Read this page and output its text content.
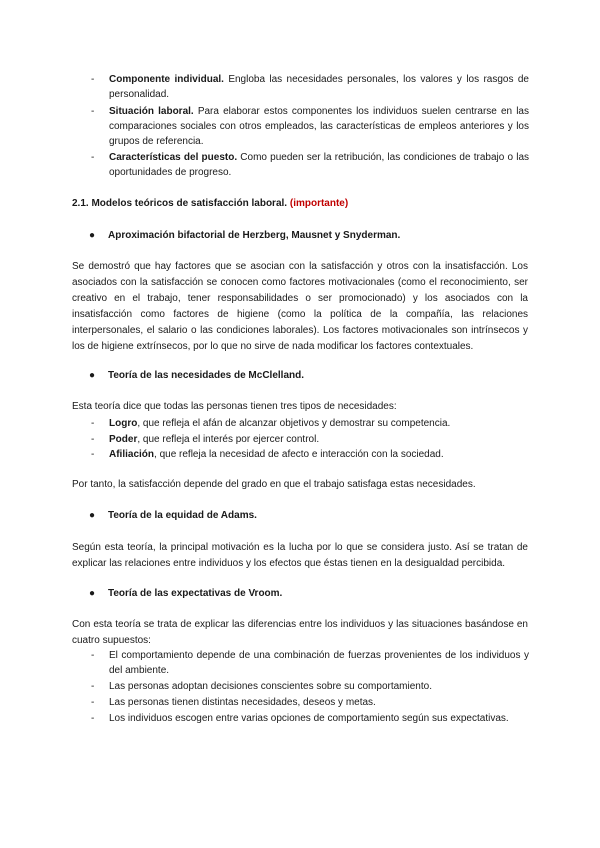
- Componente individual. Engloba las necesidades personales, los valores y los rasgos de personalidad.
- Situación laboral. Para elaborar estos componentes los individuos suelen centrarse en las comparaciones sociales con otros empleados, las características de empleos anteriores y los grupos de referencia.
- Características del puesto. Como pueden ser la retribución, las condiciones de trabajo o las oportunidades de progreso.
2.1. Modelos teóricos de satisfacción laboral. (importante)
● Aproximación bifactorial de Herzberg, Mausnet y Snyderman.
Se demostró que hay factores que se asocian con la satisfacción y otros con la insatisfacción. Los
asociados con la satisfacción se conocen como factores motivacionales (como el reconocimiento, ser
creativo en el trabajo, tener responsabilidades o ser promocionado) y los asociados con la
insatisfacción como factores de higiene (como la política de la compañía, las relaciones
interpersonales, el salario o las condiciones laborales). Los factores motivacionales son intrínsecos y
los de higiene extrínsecos, por lo que no sirve de nada modificar los factores contextuales.
● Teoría de las necesidades de McClelland.
Esta teoría dice que todas las personas tienen tres tipos de necesidades:
- Logro, que refleja el afán de alcanzar objetivos y demostrar su competencia.
- Poder, que refleja el interés por ejercer control.
- Afiliación, que refleja la necesidad de afecto e interacción con la sociedad.
Por tanto, la satisfacción depende del grado en que el trabajo satisfaga estas necesidades.
● Teoría de la equidad de Adams.
Según esta teoría, la principal motivación es la lucha por lo que se considera justo. Así se tratan de
explicar las relaciones entre individuos y los efectos que éstas tienen en la desigualdad percibida.
● Teoría de las expectativas de Vroom.
Con esta teoría se trata de explicar las diferencias entre los individuos y las situaciones basándose en
cuatro supuestos:
- El comportamiento depende de una combinación de fuerzas provenientes de los individuos y del ambiente.
- Las personas adoptan decisiones conscientes sobre su comportamiento.
- Las personas tienen distintas necesidades, deseos y metas.
- Los individuos escogen entre varias opciones de comportamiento según sus expectativas.
